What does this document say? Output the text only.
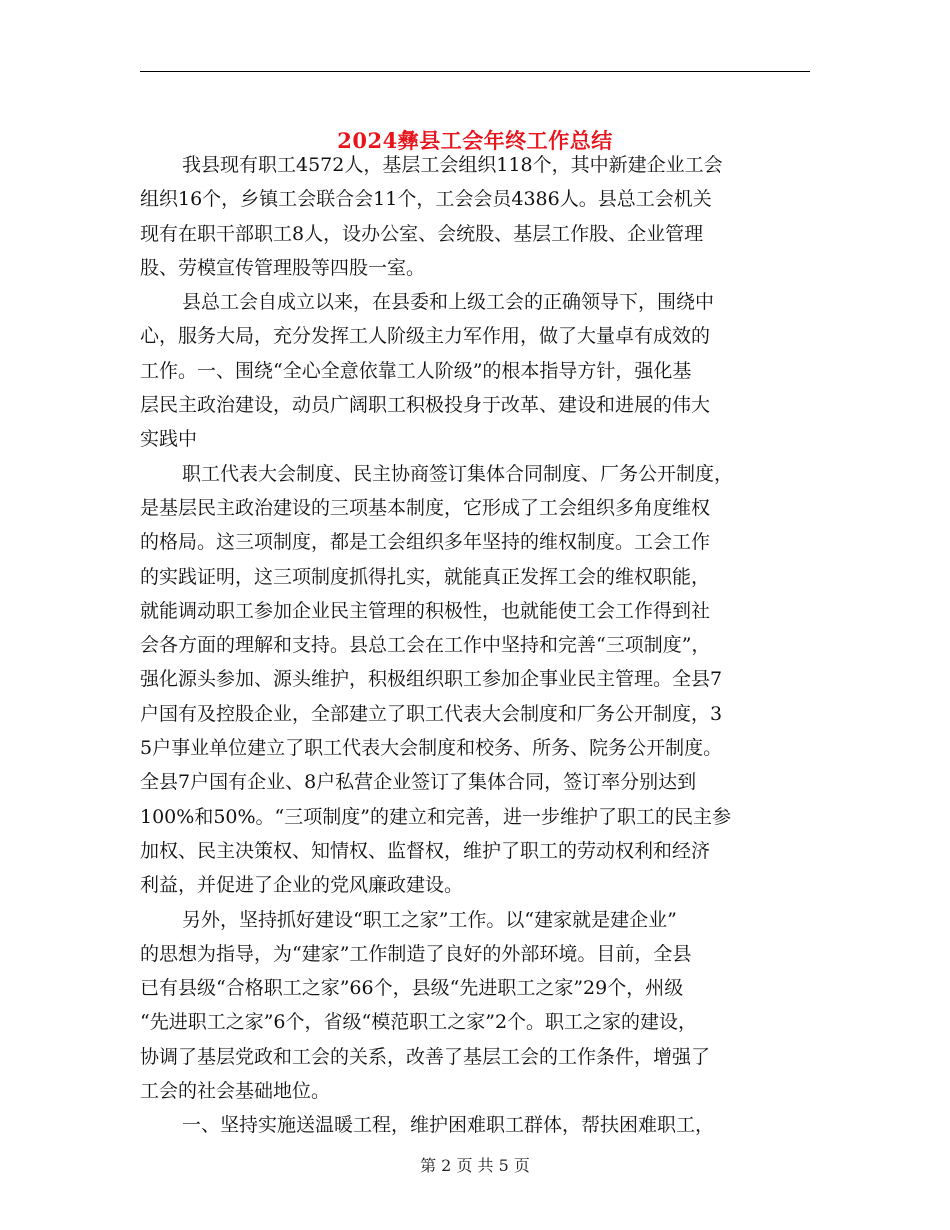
2024彝县工会年终工作总结
我县现有职工4572人，基层工会组织118个，其中新建企业工会
组织16个，乡镇工会联合会11个，工会会员4386人。县总工会机关
现有在职干部职工8人，设办公室、会统股、基层工作股、企业管理
股、劳模宣传管理股等四股一室。
县总工会自成立以来，在县委和上级工会的正确领导下，围绕中
心，服务大局，充分发挥工人阶级主力军作用，做了大量卓有成效的
工作。一、围绕“全心全意依靠工人阶级”的根本指导方针，强化基
层民主政治建设，动员广阔职工积极投身于改革、建设和进展的伟大
实践中
职工代表大会制度、民主协商签订集体合同制度、厂务公开制度，
是基层民主政治建设的三项基本制度，它形成了工会组织多角度维权
的格局。这三项制度，都是工会组织多年坚持的维权制度。工会工作
的实践证明，这三项制度抓得扎实，就能真正发挥工会的维权职能，
就能调动职工参加企业民主管理的积极性，也就能使工会工作得到社
会各方面的理解和支持。县总工会在工作中坚持和完善“三项制度”，
强化源头参加、源头维护，积极组织职工参加企事业民主管理。全县7
户国有及控股企业，全部建立了职工代表大会制度和厂务公开制度，3
5户事业单位建立了职工代表大会制度和校务、所务、院务公开制度。
全县7户国有企业、8户私营企业签订了集体合同，签订率分别达到
100%和50%。“三项制度”的建立和完善，进一步维护了职工的民主参
加权、民主决策权、知情权、监督权，维护了职工的劳动权利和经济
利益，并促进了企业的党风廉政建设。
另外，坚持抓好建设“职工之家”工作。以“建家就是建企业”
的思想为指导，为“建家”工作制造了良好的外部环境。目前，全县
已有县级“合格职工之家”66个，县级“先进职工之家”29个，州级
“先进职工之家”6个，省级“模范职工之家”2个。职工之家的建设，
协调了基层党政和工会的关系，改善了基层工会的工作条件，增强了
工会的社会基础地位。
一、坚持实施送温暖工程，维护困难职工群体，帮扶困难职工，
第 2 页 共 5 页
